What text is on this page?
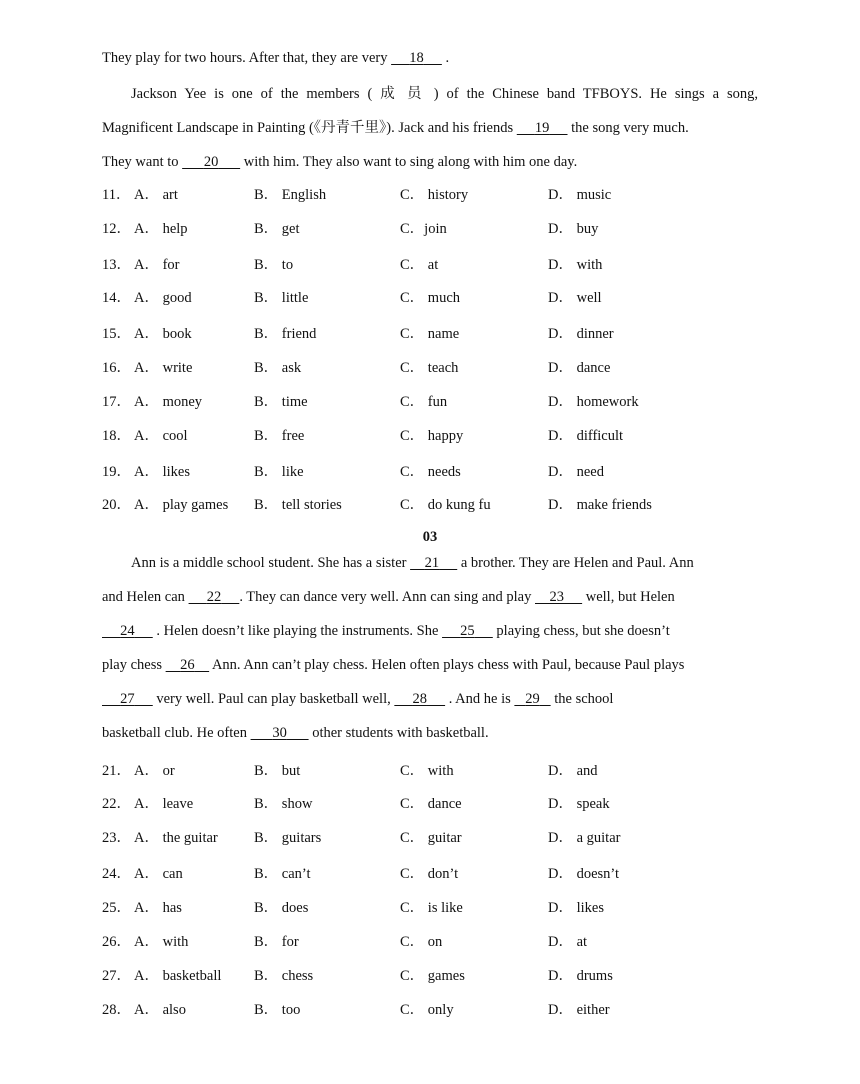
They play for two hours. After that, they are very      18      .
Jackson Yee is one of the members ( 成 员 ) of the Chinese band TFBOYS. He sings a song,
Magnificent Landscape in Painting (《丹青千里》). Jack and his friends      19      the song very much.
They want to       20       with him. They also want to sing along with him one day.
11． A． art	B． English	C． history	D． music
12． A． help	B． get	C．join	D． buy
13． A． for	B． to	C． at	D． with
14． A． good	B． little	C． much	D． well
15． A． book	B． friend	C． name	D． dinner
16． A． write	B． ask	C． teach	D． dance
17． A． money	B． time	C． fun	D． homework
18． A． cool	B． free	C． happy	D． difficult
19． A． likes	B． like	C． needs	D． need
20． A． play games B． tell stories	C． do kung fu	D． make friends
03
Ann is a middle school student. She has a sister     21      a brother. They are Helen and Paul. Ann
and Helen can      22 . They can dance very well. Ann can sing and play     23      well, but Helen
24      . Helen doesn’t like playing the instruments. She      25      playing chess, but she doesn’t
play chess     26     Ann. Ann can’t play chess. Helen often plays chess with Paul, because Paul plays
27      very well. Paul can play basketball well,      28      . And he is    29    the school
basketball club. He often       30       other students with basketball.
21． A． or	B． but	C． with	D． and
22． A． leave	B． show	C． dance	D． speak
23． A． the guitar B． guitars	C． guitar	D． a guitar
24． A． can	B． can’t	C． don’t	D． doesn’t
25． A． has	B． does	C． is like	D． likes
26． A． with	B． for	C． on	D． at
27． A． basketball B． chess	C． games	D． drums
28． A． also	B． too	C． only	D． either
